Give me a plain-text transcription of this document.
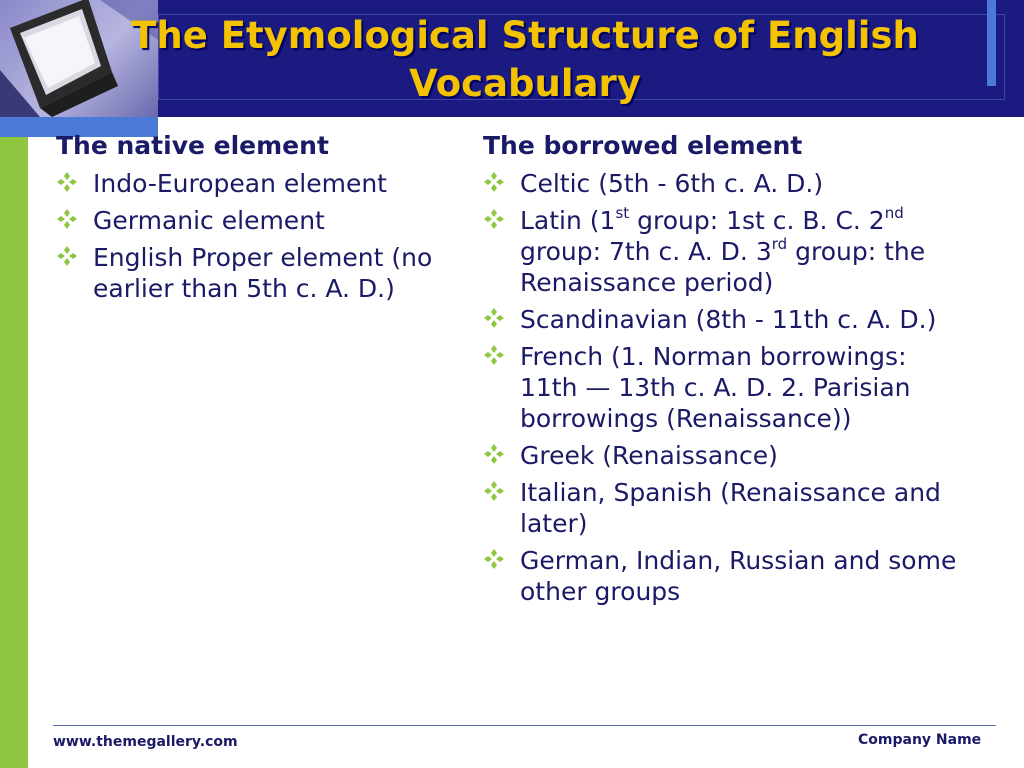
The Etymological Structure of English
Vocabulary
The native element
Indo-European element
Germanic element
English Proper element (no earlier than 5th c. A. D.)
The borrowed element
Celtic (5th - 6th c. A. D.)
Latin (1st group: 1st c. B. C. 2nd group: 7th c. A. D. 3rd group: the Renaissance period)
Scandinavian (8th - 11th c. A. D.)
French (1. Norman borrowings: 11th — 13th c. A. D. 2. Parisian borrowings (Renaissance))
Greek (Renaissance)
Italian, Spanish (Renaissance and later)
German, Indian, Russian and some other groups
www.themegallery.com	Company Name
